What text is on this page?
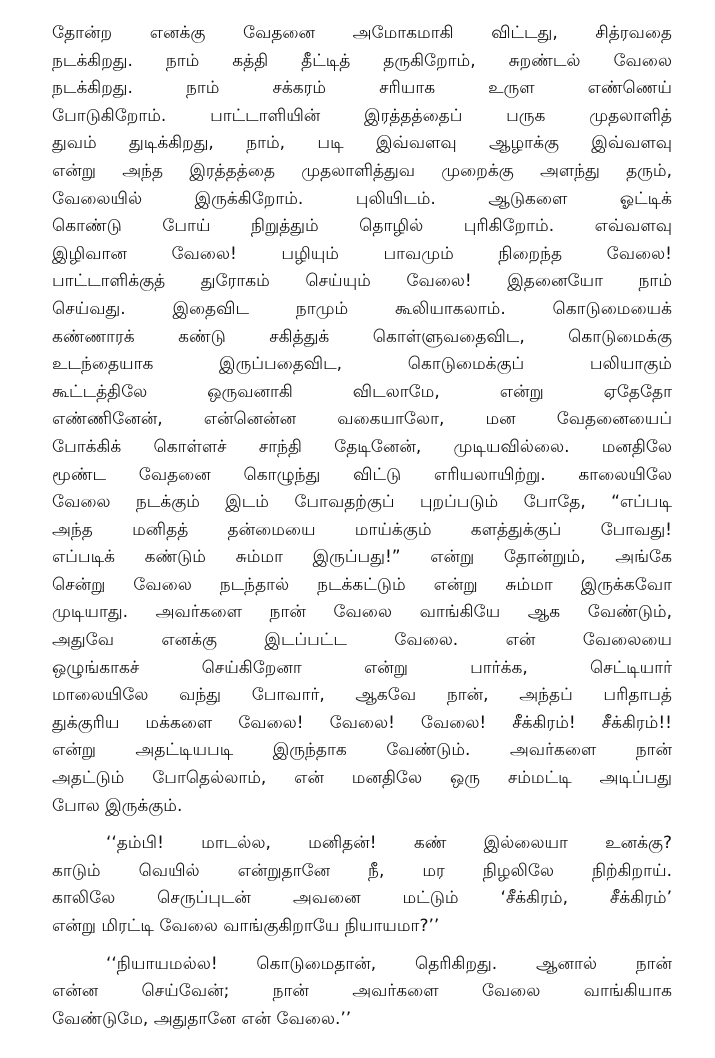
தோன்ற எனக்கு வேதனை அமோகமாகி விட்டது, சித்ரவதை
நடக்கிறது. நாம் கத்தி தீட்டித் தருகிறோம், சுறண்டல் வேலை
நடக்கிறது. நாம் சக்கரம் சரியாக உருள எண்ணெய்
போடுகிறோம். பாட்டாளியின் இரத்தத்தைப் பருக முதலாளித்
துவம் துடிக்கிறது, நாம், படி இவ்வளவு ஆழாக்கு இவ்வளவு
என்று அந்த இரத்தத்தை முதலாளித்துவ முறைக்கு அளந்து தரும்,
வேலையில் இருக்கிறோம். புலியிடம். ஆடுகளை ஓட்டிக்
கொண்டு போய் நிறுத்தும் தொழில் புரிகிறோம். எவ்வளவு
இழிவான வேலை! பழியும் பாவமும் நிறைந்த வேலை!
பாட்டாளிக்குத் துரோகம் செய்யும் வேலை! இதனையோ நாம்
செய்வது. இதைவிட நாமும் கூலியாகலாம். கொடுமையைக்
கண்ணாரக் கண்டு சகித்துக் கொள்ளுவதைவிட, கொடுமைக்கு
உடந்தையாக இருப்பதைவிட, கொடுமைக்குப் பலியாகும்
கூட்டத்திலே ஒருவனாகி விடலாமே, என்று ஏதேதோ
எண்ணினேன், என்னென்ன வகையாலோ, மன வேதனையைப்
போக்கிக் கொள்ளச் சாந்தி தேடினேன், முடியவில்லை. மனதிலே
மூண்ட வேதனை கொழுந்து விட்டு எரியலாயிற்று. காலையிலே
வேலை நடக்கும் இடம் போவதற்குப் புறப்படும் போதே, “எப்படி
அந்த மனிதத் தன்மையை மாய்க்கும் களத்துக்குப் போவது!
எப்படிக் கண்டும் சும்மா இருப்பது!” என்று தோன்றும், அங்கே
சென்று வேலை நடந்தால் நடக்கட்டும் என்று சும்மா இருக்கவோ
முடியாது. அவர்களை நான் வேலை வாங்கியே ஆக வேண்டும்,
அதுவே எனக்கு இடப்பட்ட வேலை. என் வேலையை
ஒழுங்காகச் செய்கிறேனா என்று பார்க்க, செட்டியார்
மாலையிலே வந்து போவார், ஆகவே நான், அந்தப் பரிதாபத்
துக்குரிய மக்களை வேலை! வேலை! வேலை! சீக்கிரம்! சீக்கிரம்!!
என்று அதட்டியபடி இருந்தாக வேண்டும். அவர்களை நான்
அதட்டும் போதெல்லாம், என் மனதிலே ஒரு சம்மட்டி அடிப்பது
போல இருக்கும்.
‘‘தம்பி! மாடல்ல, மனிதன்! கண் இல்லையா உனக்கு?
காடும் வெயில் என்றுதானே நீ, மர நிழலிலே நிற்கிறாய்.
காலிலே செருப்புடன் அவனை மட்டும் ‘சீக்கிரம், சீக்கிரம்’
என்று மிரட்டி வேலை வாங்குகிறாயே நியாயமா?’’
‘‘நியாயமல்ல! கொடுமைதான், தெரிகிறது. ஆனால் நான்
என்ன செய்வேன்; நான் அவர்களை வேலை வாங்கியாக
வேண்டுமே, அதுதானே என் வேலை.’’
